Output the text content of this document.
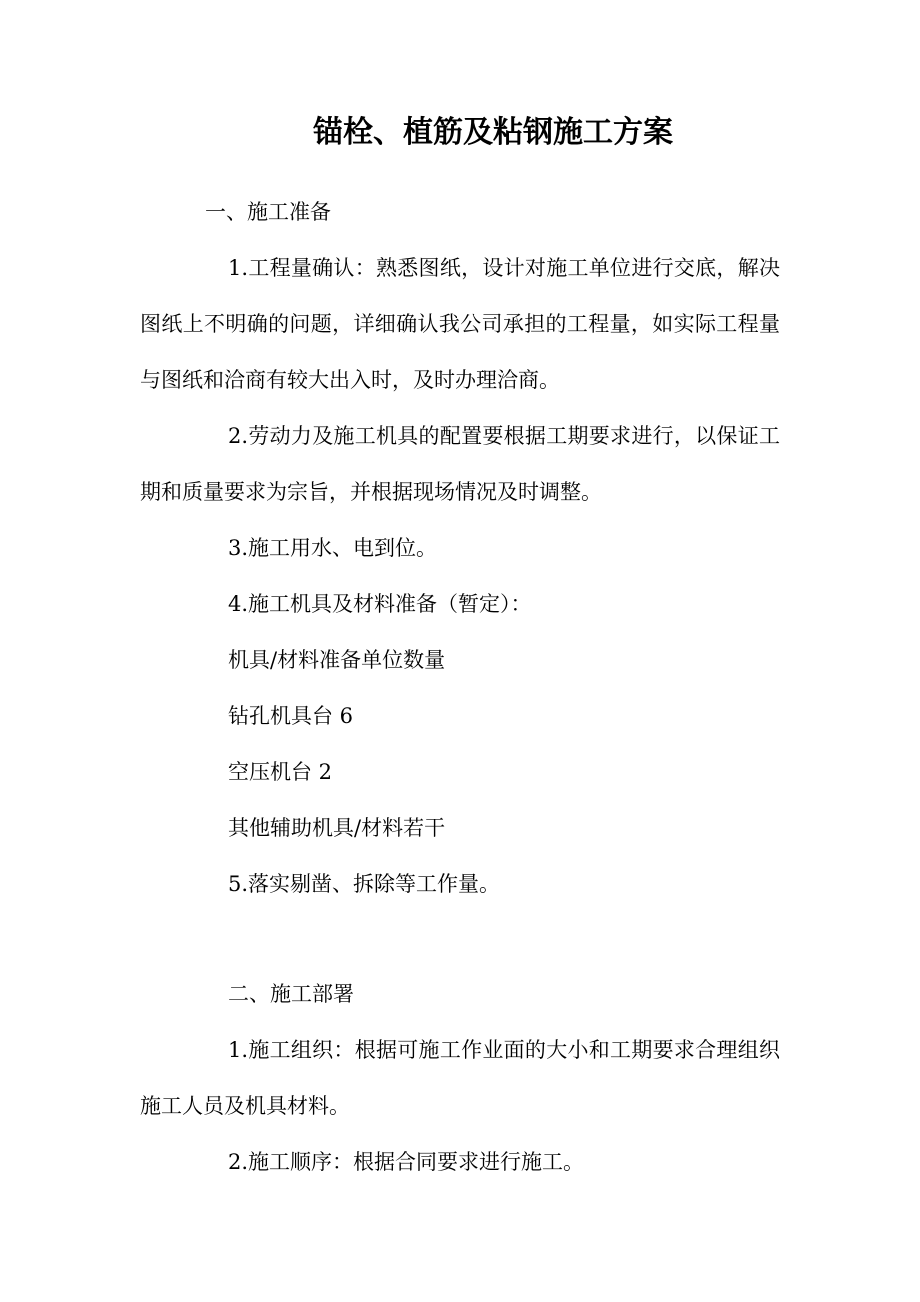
锚栓、植筋及粘钢施工方案
一、施工准备
1.工程量确认：熟悉图纸，设计对施工单位进行交底，解决
图纸上不明确的问题，详细确认我公司承担的工程量，如实际工程量
与图纸和洽商有较大出入时，及时办理洽商。
2.劳动力及施工机具的配置要根据工期要求进行，以保证工
期和质量要求为宗旨，并根据现场情况及时调整。
3.施工用水、电到位。
4.施工机具及材料准备（暂定）：
机具/材料准备单位数量
钻孔机具台 6
空压机台 2
其他辅助机具/材料若干
5.落实剔凿、拆除等工作量。
二、施工部署
1.施工组织：根据可施工作业面的大小和工期要求合理组织
施工人员及机具材料。
2.施工顺序：根据合同要求进行施工。
